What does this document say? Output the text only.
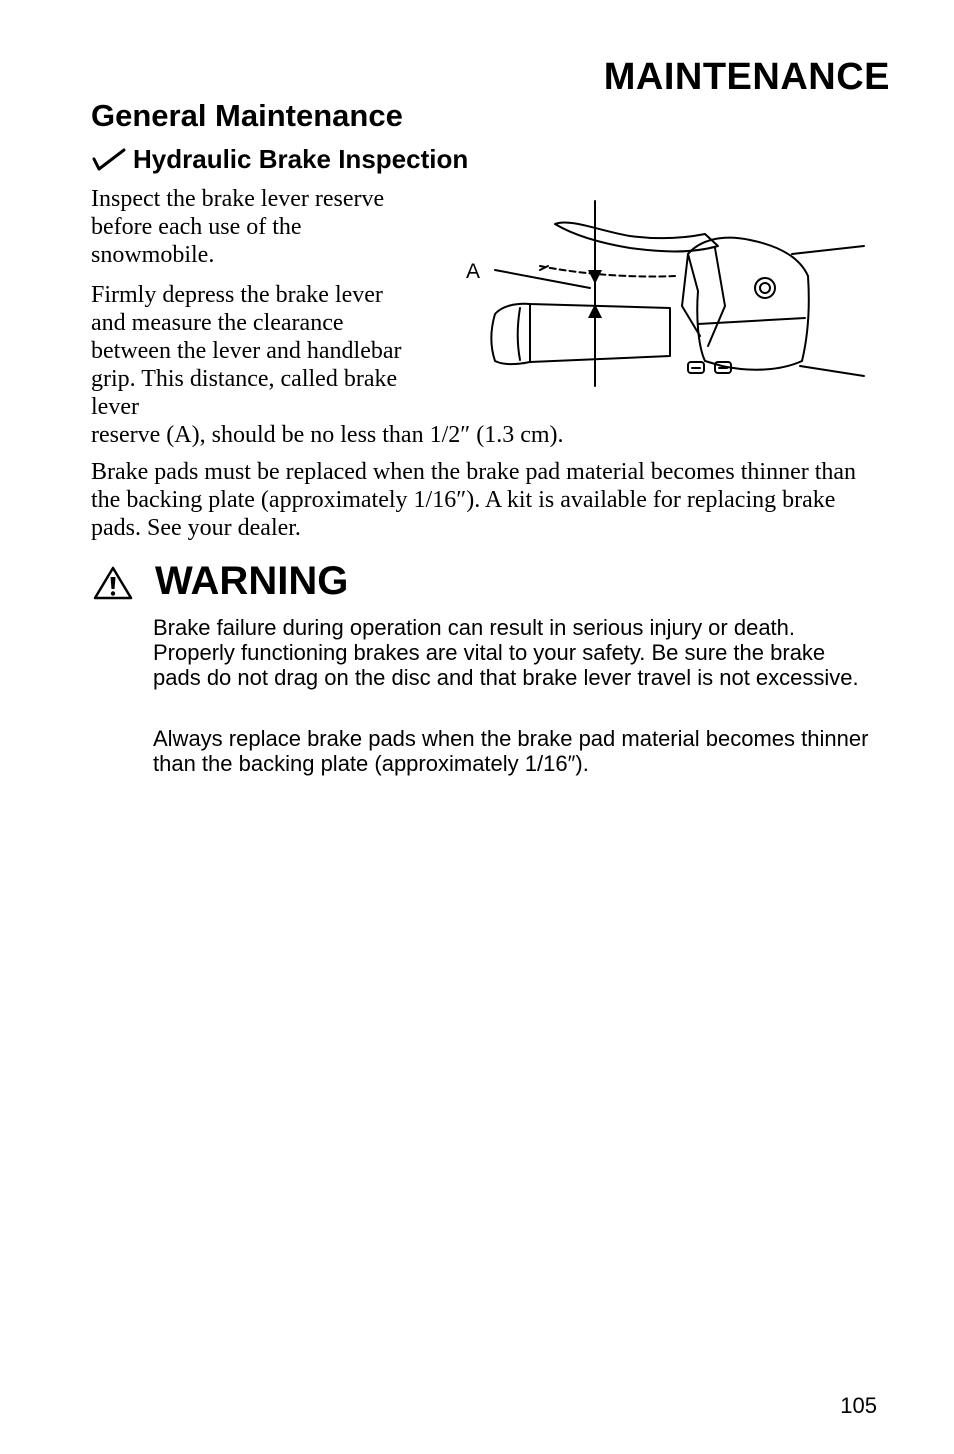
MAINTENANCE
General Maintenance
Hydraulic Brake Inspection
Inspect the brake lever reserve before each use of the snowmobile.
Firmly depress the brake lever and measure the clearance between the lever and handlebar grip. This distance, called brake lever
reserve (A), should be no less than 1/2″ (1.3 cm).
Brake pads must be replaced when the brake pad material becomes thinner than the backing plate (approximately 1/16″). A kit is available for replacing brake pads. See your dealer.
A
WARNING
Brake failure during operation can result in serious injury or death. Properly functioning brakes are vital to your safety. Be sure the brake pads do not drag on the disc and that brake lever travel is not excessive.
Always replace brake pads when the brake pad material becomes thinner than the backing plate (approximately 1/16″).
105
